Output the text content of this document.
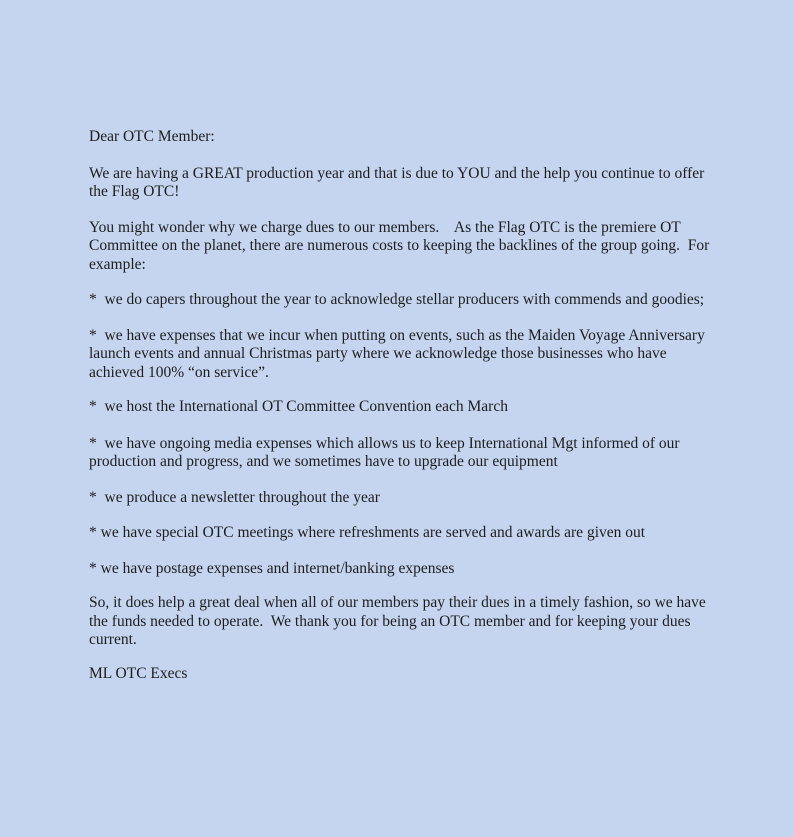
Dear OTC Member:

We are having a GREAT production year and that is due to YOU and the help you continue to offer the Flag OTC!

You might wonder why we charge dues to our members.    As the Flag OTC is the premiere OT Committee on the planet, there are numerous costs to keeping the backlines of the group going.  For example:

*  we do capers throughout the year to acknowledge stellar producers with commends and goodies;

*  we have expenses that we incur when putting on events, such as the Maiden Voyage Anniversary launch events and annual Christmas party where we acknowledge those businesses who have achieved 100% “on service”.

*  we host the International OT Committee Convention each March

*  we have ongoing media expenses which allows us to keep International Mgt informed of our production and progress, and we sometimes have to upgrade our equipment

*  we produce a newsletter throughout the year

* we have special OTC meetings where refreshments are served and awards are given out

* we have postage expenses and internet/banking expenses

So, it does help a great deal when all of our members pay their dues in a timely fashion, so we have the funds needed to operate.  We thank you for being an OTC member and for keeping your dues current.

ML OTC Execs
